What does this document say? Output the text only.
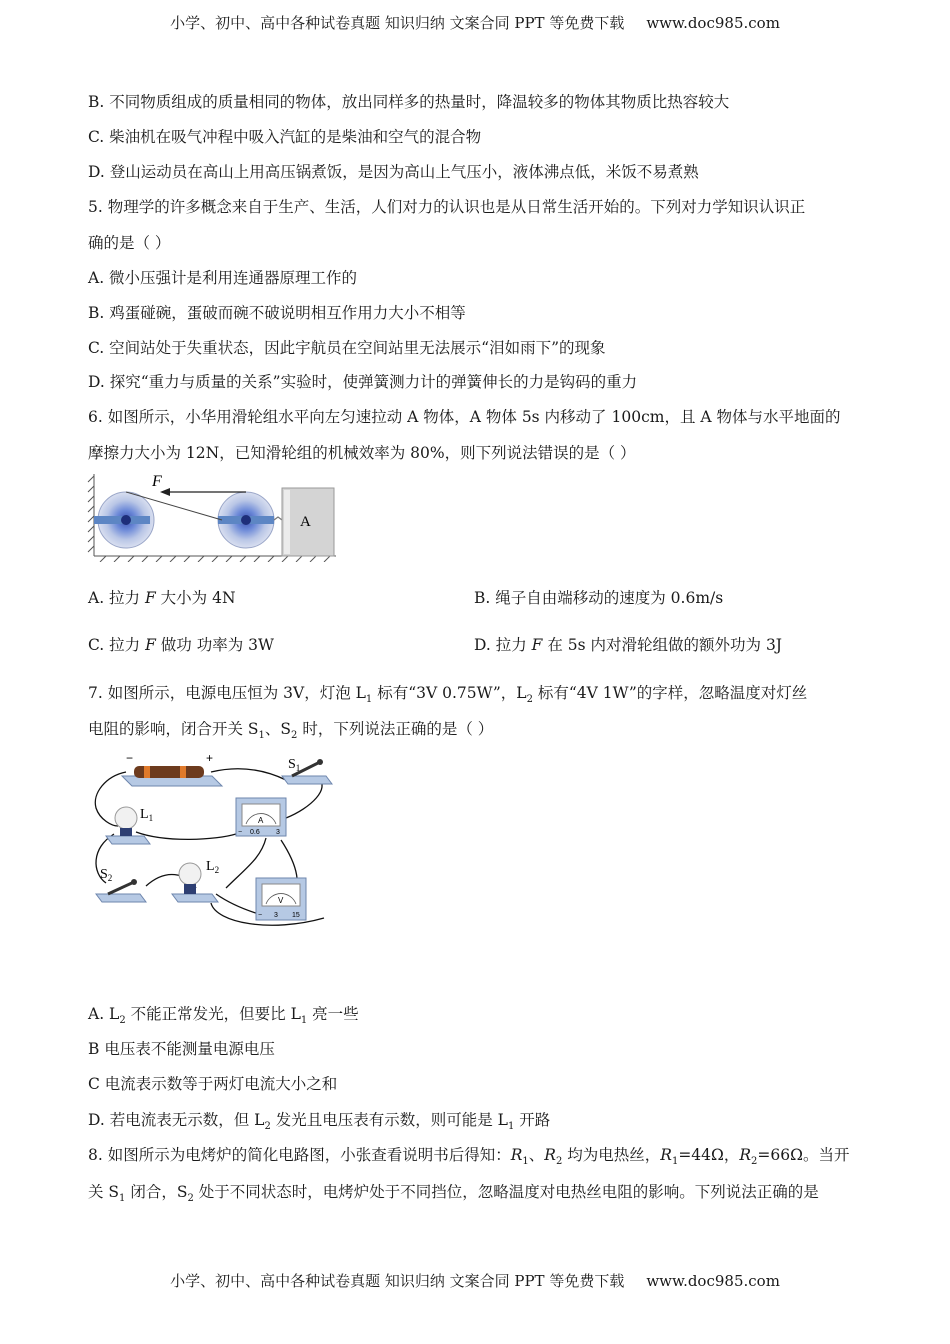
小学、初中、高中各种试卷真题 知识归纳 文案合同 PPT 等免费下载 www.doc985.com
B. 不同物质组成的质量相同的物体，放出同样多的热量时，降温较多的物体其物质比热容较大
C. 柴油机在吸气冲程中吸入汽缸的是柴油和空气的混合物
D. 登山运动员在高山上用高压锅煮饭，是因为高山上气压小，液体沸点低，米饭不易煮熟
5. 物理学的许多概念来自于生产、生活，人们对力的认识也是从日常生活开始的。下列对力学知识认识正
确的是（ ）
A. 微小压强计是利用连通器原理工作的
B. 鸡蛋碰碗，蛋破而碗不破说明相互作用力大小不相等
C. 空间站处于失重状态，因此宇航员在空间站里无法展示“泪如雨下”的现象
D. 探究“重力与质量的关系”实验时，使弹簧测力计的弹簧伸长的力是钩码的重力
6. 如图所示，小华用滑轮组水平向左匀速拉动 A 物体，A 物体 5s 内移动了 100cm，且 A 物体与水平地面的
摩擦力大小为 12N，已知滑轮组的机械效率为 80%，则下列说法错误的是（ ）
F
A
A. 拉力 F 大小为 4N	B. 绳子自由端移动的速度为 0.6m/s
C. 拉力 F 做功 功率为 3W	D. 拉力 F 在 5s 内对滑轮组做的额外功为 3J
7. 如图所示，电源电压恒为 3V，灯泡 $L_1$ 标有“3V 0.75W”，$L_2$ 标有“4V 1W”的字样，忽略温度对灯丝
电阻的影响，闭合开关 $S_1$、$S_2$ 时，下列说法正确的是（ ）
−	+	$S_1$
$L_1$	A
− 0.6 3
$S_2$
$L_2$
V
− 3 15
A. $L_2$ 不能正常发光，但要比 $L_1$ 亮一些
B 电压表不能测量电源电压
C 电流表示数等于两灯电流大小之和
D. 若电流表无示数，但 $L_2$ 发光且电压表有示数，则可能是 $L_1$ 开路
8. 如图所示为电烤炉的简化电路图，小张查看说明书后得知：$R_1$、$R_2$ 均为电热丝，$R_1=44\Omega$，$R_2=66\Omega$。当开
关 $S_1$ 闭合，$S_2$ 处于不同状态时，电烤炉处于不同挡位，忽略温度对电热丝电阻的影响。下列说法正确的是
小学、初中、高中各种试卷真题 知识归纳 文案合同 PPT 等免费下载 www.doc985.com
